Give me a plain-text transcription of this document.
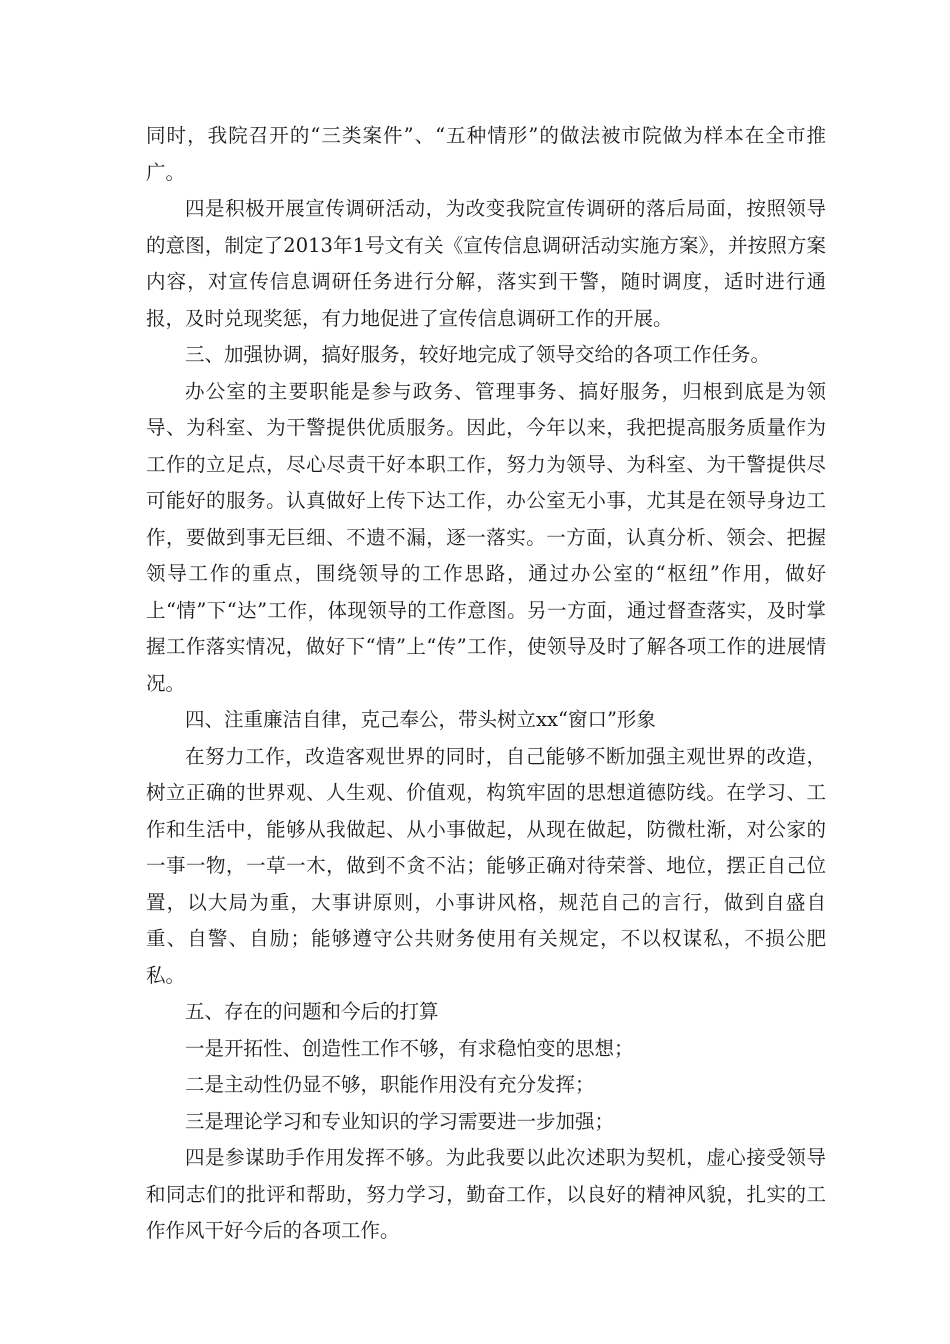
同时，我院召开的“三类案件”、“五种情形”的做法被市院做为样本在全市推广。

四是积极开展宣传调研活动，为改变我院宣传调研的落后局面，按照领导的意图，制定了2013年1号文有关《宣传信息调研活动实施方案》，并按照方案内容，对宣传信息调研任务进行分解，落实到干警，随时调度，适时进行通报，及时兑现奖惩，有力地促进了宣传信息调研工作的开展。

三、加强协调，搞好服务，较好地完成了领导交给的各项工作任务。

办公室的主要职能是参与政务、管理事务、搞好服务，归根到底是为领导、为科室、为干警提供优质服务。因此，今年以来，我把提高服务质量作为工作的立足点，尽心尽责干好本职工作，努力为领导、为科室、为干警提供尽可能好的服务。认真做好上传下达工作，办公室无小事，尤其是在领导身边工作，要做到事无巨细、不遗不漏，逐一落实。一方面，认真分析、领会、把握领导工作的重点，围绕领导的工作思路，通过办公室的“枢纽”作用，做好上“情”下“达”工作，体现领导的工作意图。另一方面，通过督查落实，及时掌握工作落实情况，做好下“情”上“传”工作，使领导及时了解各项工作的进展情况。

四、注重廉洁自律，克己奉公，带头树立xx“窗口”形象

在努力工作，改造客观世界的同时，自己能够不断加强主观世界的改造，树立正确的世界观、人生观、价值观，构筑牢固的思想道德防线。在学习、工作和生活中，能够从我做起、从小事做起，从现在做起，防微杜渐，对公家的一事一物，一草一木，做到不贪不沾；能够正确对待荣誉、地位，摆正自己位置，以大局为重，大事讲原则，小事讲风格，规范自己的言行，做到自盛自重、自警、自励；能够遵守公共财务使用有关规定，不以权谋私，不损公肥私。

五、存在的问题和今后的打算

一是开拓性、创造性工作不够，有求稳怕变的思想；

二是主动性仍显不够，职能作用没有充分发挥；

三是理论学习和专业知识的学习需要进一步加强；

四是参谋助手作用发挥不够。为此我要以此次述职为契机，虚心接受领导和同志们的批评和帮助，努力学习，勤奋工作，以良好的精神风貌，扎实的工作作风干好今后的各项工作。
